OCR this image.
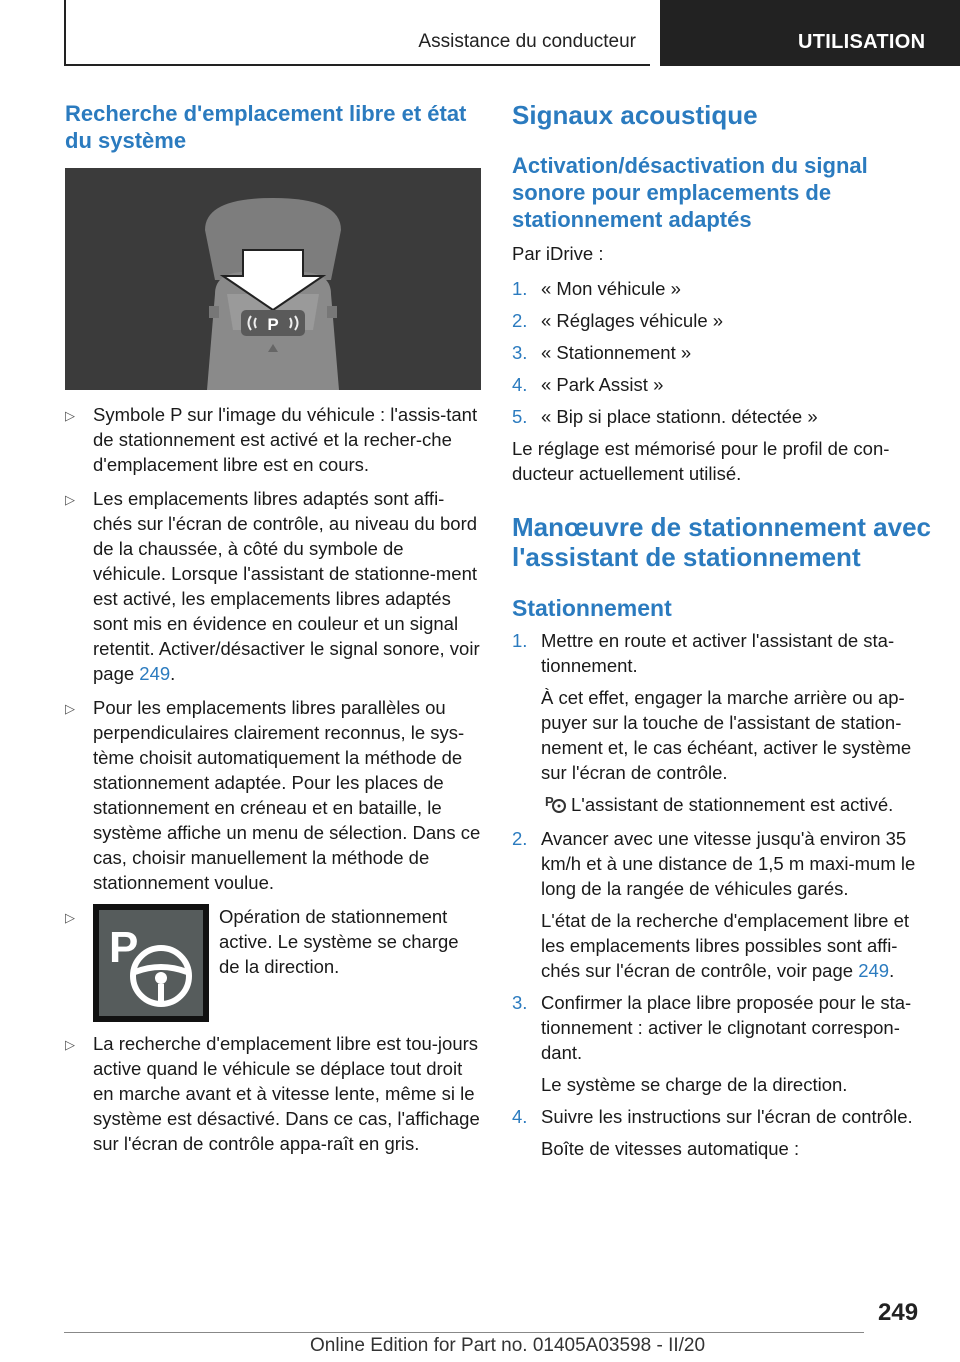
Assistance du conducteur	UTILISATION
Recherche d'emplacement libre et état du système
P
▷ Symbole P sur l'image du véhicule : l'assis-tant de stationnement est activé et la recher-che d'emplacement libre est en cours.
▷ Les emplacements libres adaptés sont affi-chés sur l'écran de contrôle, au niveau du bord de la chaussée, à côté du symbole de véhicule. Lorsque l'assistant de stationne-ment est activé, les emplacements libres adaptés sont mis en évidence en couleur et un signal retentit. Activer/désactiver le signal sonore, voir page 249.
▷ Pour les emplacements libres parallèles ou perpendiculaires clairement reconnus, le sys-tème choisit automatiquement la méthode de stationnement adaptée. Pour les places de stationnement en créneau et en bataille, le système affiche un menu de sélection. Dans ce cas, choisir manuellement la méthode de stationnement voulue.
▷
P
Opération de stationnement active. Le système se charge de la direction.
▷ La recherche d'emplacement libre est tou-jours active quand le véhicule se déplace tout droit en marche avant et à vitesse lente, même si le système est désactivé. Dans ce cas, l'affichage sur l'écran de contrôle appa-raît en gris.
Signaux acoustique
Activation/désactivation du signal sonore pour emplacements de stationnement adaptés

Par iDrive :

1. « Mon véhicule »
2. « Réglages véhicule »
3. « Stationnement »
4. « Park Assist »
5. « Bip si place stationn. détectée »

Le réglage est mémorisé pour le profil de con-ducteur actuellement utilisé.

Manœuvre de stationnement avec l'assistant de stationnement
Stationnement
1. Mettre en route et activer l'assistant de sta-tionnement.

À cet effet, engager la marche arrière ou ap-puyer sur la touche de l'assistant de station-nement et, le cas échéant, activer le système sur l'écran de contrôle.

P L'assistant de stationnement est activé.

2. Avancer avec une vitesse jusqu'à environ 35 km/h et à une distance de 1,5 m maxi-mum le long de la rangée de véhicules garés.

L'état de la recherche d'emplacement libre et les emplacements libres possibles sont affi-chés sur l'écran de contrôle, voir page 249.

3. Confirmer la place libre proposée pour le sta-tionnement : activer le clignotant correspon-dant.

Le système se charge de la direction.

4. Suivre les instructions sur l'écran de contrôle.

Boîte de vitesses automatique :

249
Online Edition for Part no. 01405A03598 - II/20
